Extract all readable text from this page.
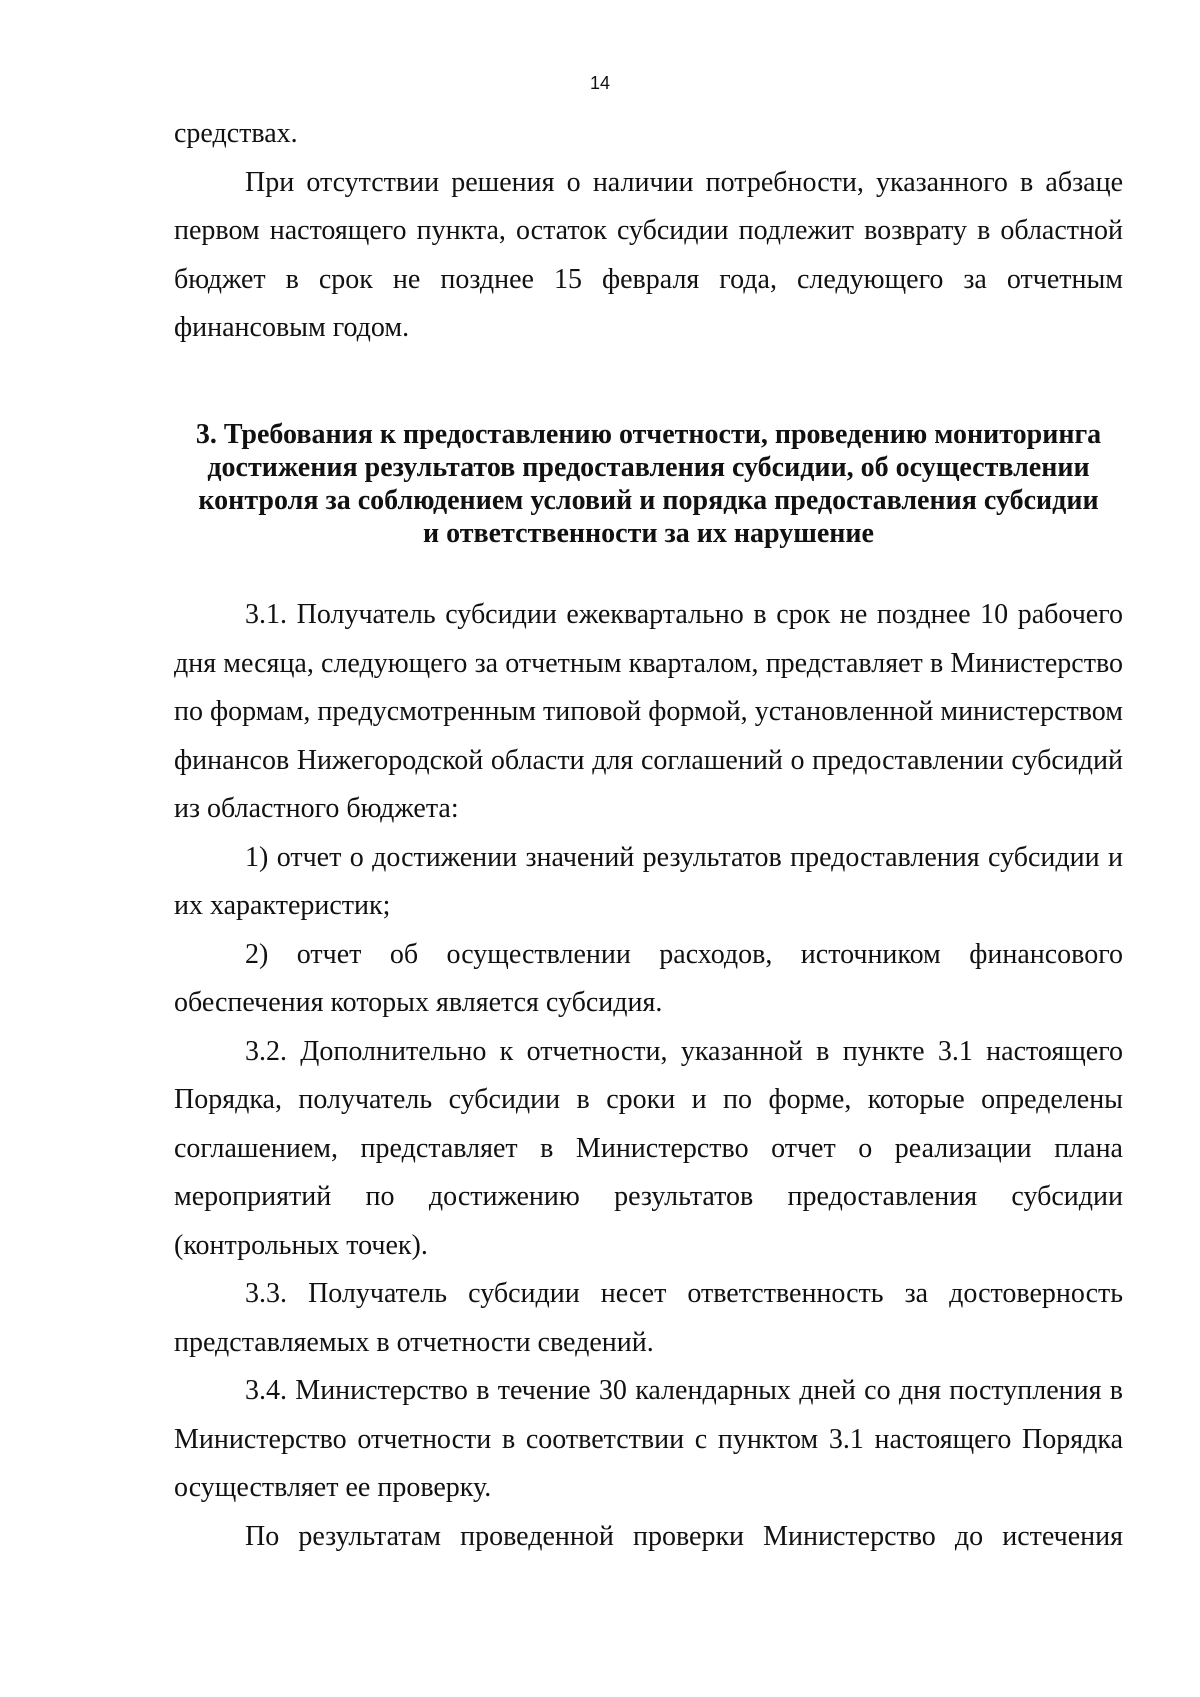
14

средствах.

При отсутствии решения о наличии потребности, указанного в абзаце первом настоящего пункта, остаток субсидии подлежит возврату в областной бюджет в срок не позднее 15 февраля года, следующего за отчетным финансовым годом.

3. Требования к предоставлению отчетности, проведению мониторинга
достижения результатов предоставления субсидии, об осуществлении
контроля за соблюдением условий и порядка предоставления субсидии
и ответственности за их нарушение

3.1. Получатель субсидии ежеквартально в срок не позднее 10 рабочего дня месяца, следующего за отчетным кварталом, представляет в Министерство по формам, предусмотренным типовой формой, установленной министерством финансов Нижегородской области для соглашений о предоставлении субсидий из областного бюджета:

1) отчет о достижении значений результатов предоставления субсидии и их характеристик;

2) отчет об осуществлении расходов, источником финансового обеспечения которых является субсидия.

3.2. Дополнительно к отчетности, указанной в пункте 3.1 настоящего Порядка, получатель субсидии в сроки и по форме, которые определены соглашением, представляет в Министерство отчет о реализации плана мероприятий по достижению результатов предоставления субсидии (контрольных точек).

3.3. Получатель субсидии несет ответственность за достоверность представляемых в отчетности сведений.

3.4. Министерство в течение 30 календарных дней со дня поступления в Министерство отчетности в соответствии с пунктом 3.1 настоящего Порядка осуществляет ее проверку.

По результатам проведенной проверки Министерство до истечения
